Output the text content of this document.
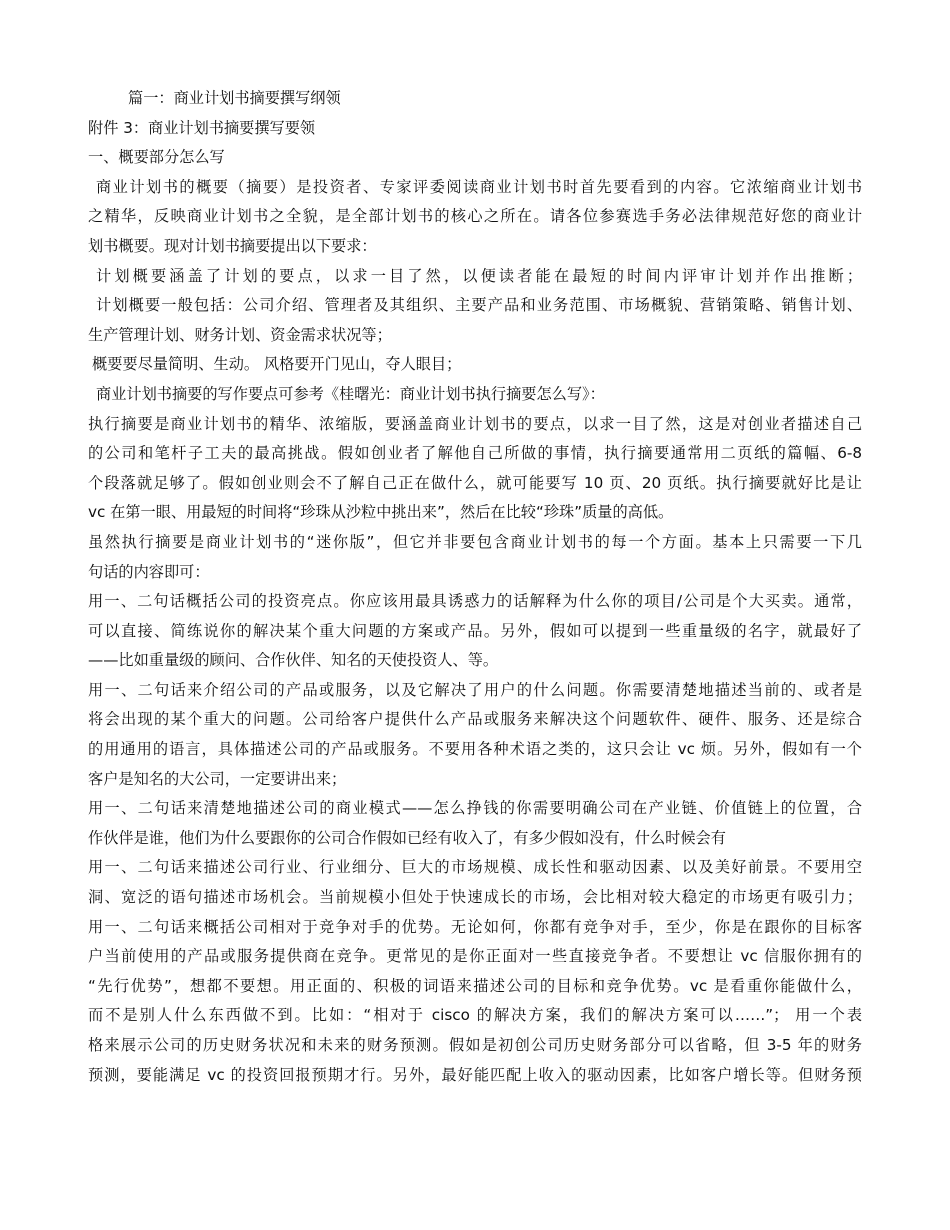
篇一：商业计划书摘要撰写纲领
附件 3：商业计划书摘要撰写要领
一、概要部分怎么写
商业计划书的概要（摘要）是投资者、专家评委阅读商业计划书时首先要看到的内容。它浓缩商业计划书
之精华，反映商业计划书之全貌，是全部计划书的核心之所在。请各位参赛选手务必法律规范好您的商业计
划书概要。现对计划书摘要提出以下要求：
计划概要涵盖了计划的要点，以求一目了然，以便读者能在最短的时间内评审计划并作出推断；
计划概要一般包括：公司介绍、管理者及其组织、主要产品和业务范围、市场概貌、营销策略、销售计划、
生产管理计划、财务计划、资金需求状况等；
概要要尽量简明、生动。 风格要开门见山，夺人眼目；
商业计划书摘要的写作要点可参考《桂曙光：商业计划书执行摘要怎么写》：
执行摘要是商业计划书的精华、浓缩版，要涵盖商业计划书的要点，以求一目了然，这是对创业者描述自己
的公司和笔杆子工夫的最高挑战。假如创业者了解他自己所做的事情，执行摘要通常用二页纸的篇幅、6-8
个段落就足够了。假如创业则会不了解自己正在做什么，就可能要写 10 页、20 页纸。执行摘要就好比是让
vc 在第一眼、用最短的时间将“珍珠从沙粒中挑出来”，然后在比较“珍珠”质量的高低。
虽然执行摘要是商业计划书的“迷你版”，但它并非要包含商业计划书的每一个方面。基本上只需要一下几
句话的内容即可：
用一、二句话概括公司的投资亮点。你应该用最具诱惑力的话解释为什么你的项目/公司是个大买卖。通常，
可以直接、简练说你的解决某个重大问题的方案或产品。另外，假如可以提到一些重量级的名字，就最好了
——比如重量级的顾问、合作伙伴、知名的天使投资人、等。
用一、二句话来介绍公司的产品或服务，以及它解决了用户的什么问题。你需要清楚地描述当前的、或者是
将会出现的某个重大的问题。公司给客户提供什么产品或服务来解决这个问题软件、硬件、服务、还是综合
的用通用的语言，具体描述公司的产品或服务。不要用各种术语之类的，这只会让 vc 烦。另外，假如有一个
客户是知名的大公司，一定要讲出来；
用一、二句话来清楚地描述公司的商业模式——怎么挣钱的你需要明确公司在产业链、价值链上的位置，合
作伙伴是谁，他们为什么要跟你的公司合作假如已经有收入了，有多少假如没有，什么时候会有
用一、二句话来描述公司行业、行业细分、巨大的市场规模、成长性和驱动因素、以及美好前景。不要用空
洞、宽泛的语句描述市场机会。当前规模小但处于快速成长的市场，会比相对较大稳定的市场更有吸引力；
用一、二句话来概括公司相对于竞争对手的优势。无论如何，你都有竞争对手，至少，你是在跟你的目标客
户当前使用的产品或服务提供商在竞争。更常见的是你正面对一些直接竞争者。不要想让 vc 信服你拥有的
“先行优势”，想都不要想。用正面的、积极的词语来描述公司的目标和竞争优势。vc 是看重你能做什么，
而不是别人什么东西做不到。比如：“相对于 cisco 的解决方案，我们的解决方案可以……”； 用一个表
格来展示公司的历史财务状况和未来的财务预测。假如是初创公司历史财务部分可以省略，但 3-5 年的财务
预测，要能满足 vc 的投资回报预期才行。另外，最好能匹配上收入的驱动因素，比如客户增长等。但财务预
